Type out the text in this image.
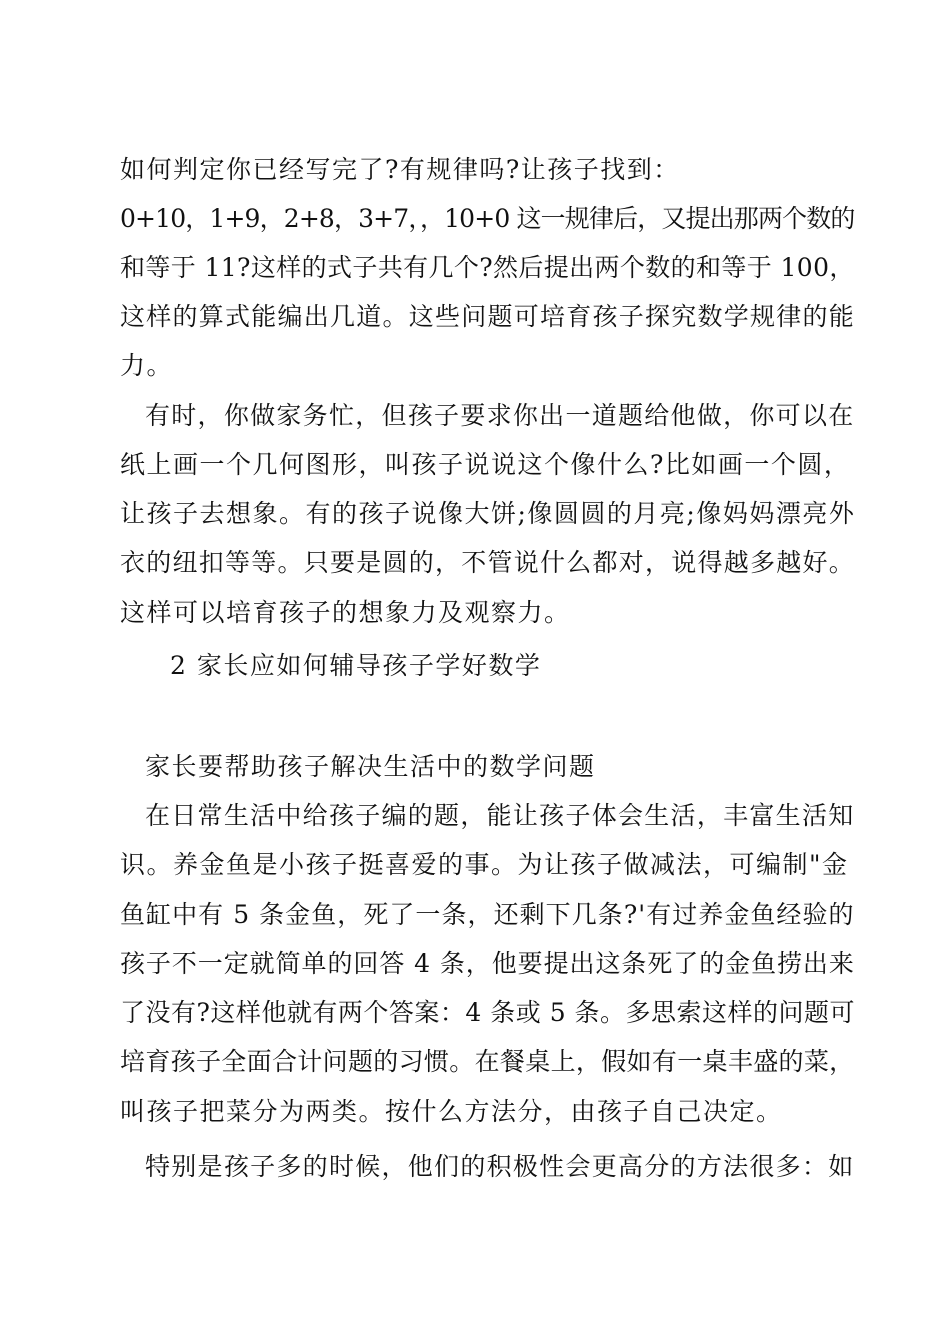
如何判定你已经写完了?有规律吗?让孩子找到：
0+10，1+9，2+8，3+7，，10+0 这一规律后，又提出那两个数的
和等于 11?这样的式子共有几个?然后提出两个数的和等于 100，
这样的算式能编出几道。这些问题可培育孩子探究数学规律的能
力。
有时，你做家务忙，但孩子要求你出一道题给他做，你可以在
纸上画一个几何图形，叫孩子说说这个像什么?比如画一个圆，
让孩子去想象。有的孩子说像大饼;像圆圆的月亮;像妈妈漂亮外
衣的纽扣等等。只要是圆的，不管说什么都对，说得越多越好。
这样可以培育孩子的想象力及观察力。
2 家长应如何辅导孩子学好数学
家长要帮助孩子解决生活中的数学问题
在日常生活中给孩子编的题，能让孩子体会生活，丰富生活知
识。养金鱼是小孩子挺喜爱的事。为让孩子做减法，可编制"金
鱼缸中有 5 条金鱼，死了一条，还剩下几条?'有过养金鱼经验的
孩子不一定就简单的回答 4 条，他要提出这条死了的金鱼捞出来
了没有?这样他就有两个答案：4 条或 5 条。多思索这样的问题可
培育孩子全面合计问题的习惯。在餐桌上，假如有一桌丰盛的菜，
叫孩子把菜分为两类。按什么方法分，由孩子自己决定。
特别是孩子多的时候，他们的积极性会更高分的方法很多：如
